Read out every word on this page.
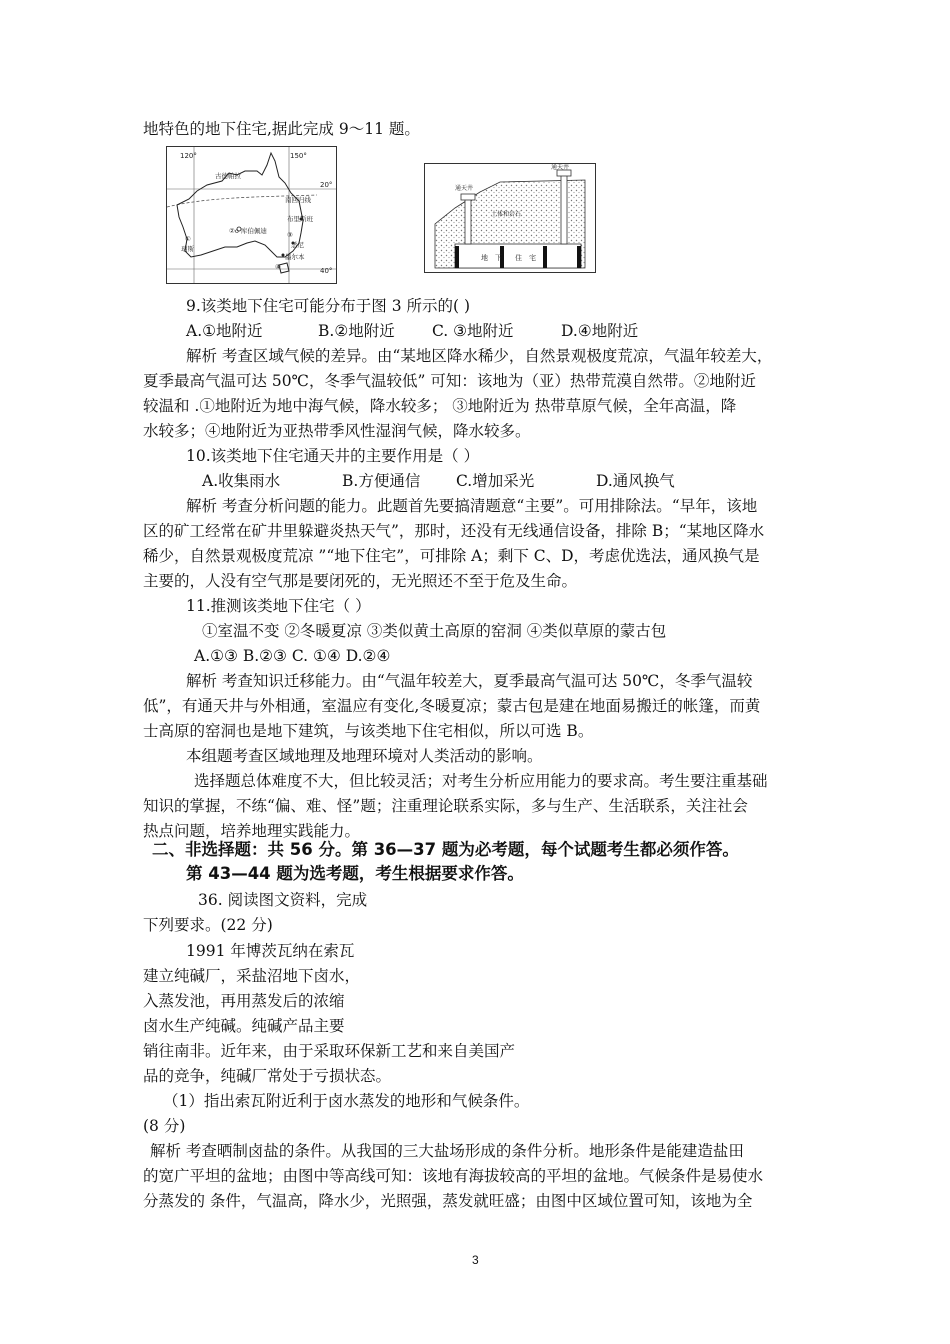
地特色的地下住宅,据此完成 9～11 题。
120°	150°
20°
40°
古德帕拉
南回归线
布里斯班
②o 库伯佩迪	③
悉尼
墨尔本
④
①
珀斯
通天井
通天井
土体和岩石
地 下 住 宅
9.该类地下住宅可能分布于图 3 所示的( )
A.①地附近	B.②地附近 C. ③地附近	D.④地附近
解析 考查区域气候的差异。由“某地区降水稀少，自然景观极度荒凉，气温年较差大，
夏季最高气温可达 50℃，冬季气温较低” 可知：该地为（亚）热带荒漠自然带。②地附近
较温和 .①地附近为地中海气候，降水较多； ③地附近为 热带草原气候，全年高温，降
水较多；④地附近为亚热带季风性湿润气候，降水较多。
10.该类地下住宅通天井的主要作用是（ ）
A.收集雨水	B.方便通信 C.增加采光	D.通风换气
解析 考查分析问题的能力。此题首先要搞清题意“主要”。可用排除法。“早年，该地
区的矿工经常在矿井里躲避炎热天气”，那时，还没有无线通信设备，排除 B；“某地区降水
稀少，自然景观极度荒凉 ”“地下住宅”，可排除 A；剩下 C、D，考虑优选法，通风换气是
主要的，人没有空气那是要闭死的，无光照还不至于危及生命。
11.推测该类地下住宅（ ）
①室温不变 ②冬暖夏凉 ③类似黄土高原的窑洞 ④类似草原的蒙古包
A.①③ B.②③ C. ①④ D.②④
解析 考查知识迁移能力。由“气温年较差大，夏季最高气温可达 50℃，冬季气温较
低”，有通天井与外相通，室温应有变化,冬暖夏凉；蒙古包是建在地面易搬迁的帐篷，而黄
士高原的窑洞也是地下建筑，与该类地下住宅相似，所以可选 B。
本组题考查区域地理及地理环境对人类活动的影响。
选择题总体难度不大，但比较灵活；对考生分析应用能力的要求高。考生要注重基础
知识的掌握，不练“偏、难、怪”题；注重理论联系实际，多与生产、生活联系，关注社会
热点问题，培养地理实践能力。
二、非选择题：共 56 分。第 36—37 题为必考题，每个试题考生都必须作答。
第 43—44 题为选考题，考生根据要求作答。
36. 阅读图文资料，完成
下列要求。(22 分)
1991 年博茨瓦纳在索瓦
建立纯碱厂，采盐沼地下卤水，
入蒸发池，再用蒸发后的浓缩
卤水生产纯碱。纯碱产品主要
销往南非。近年来，由于采取环保新工艺和来自美国产
品的竞争，纯碱厂常处于亏损状态。
（1）指出索瓦附近利于卤水蒸发的地形和气候条件。
(8 分)
解析 考查晒制卤盐的条件。从我国的三大盐场形成的条件分析。地形条件是能建造盐田
的宽广平坦的盆地；由图中等高线可知：该地有海拔较高的平坦的盆地。气候条件是易使水
分蒸发的 条件，气温高，降水少，光照强，蒸发就旺盛；由图中区域位置可知，该地为全
3
